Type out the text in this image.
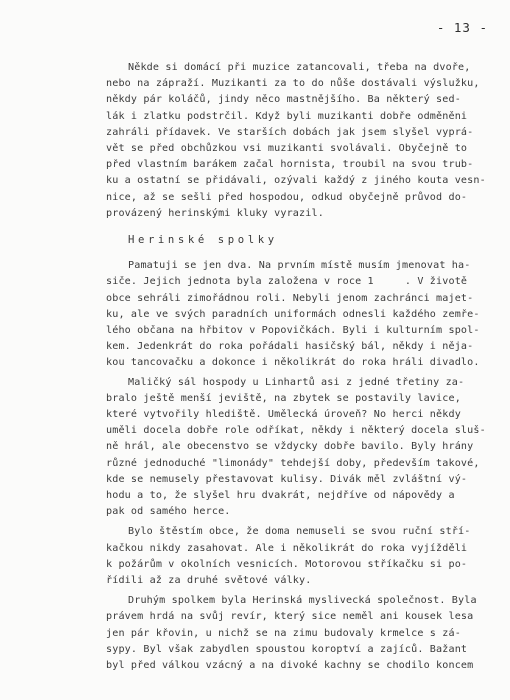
- 13 -
Někde si domácí při muzice zatancovali, třeba na dvoře,
nebo na zápraží. Muzikanti za to do nůše dostávali výslužku,
někdy pár koláčů, jindy něco mastnějšího. Ba některý sed-
lák i zlatku podstrčil. Když byli muzikanti dobře odměněni
zahráli přídavek. Ve starších dobách jak jsem slyšel vyprá-
vět se před obchůzkou vsi muzikanti svolávali. Obyčejně to
před vlastním barákem začal hornista, troubil na svou trub-
ku a ostatní se přidávali, ozývali každý z jiného kouta vesn-
nice, až se sešli před hospodou, odkud obyčejně průvod do-
provázený herinskými kluky vyrazil.
Herinské spolky
Pamatuji se jen dva. Na prvním místě musím jmenovat ha-
siče. Jejich jednota byla založena v roce 1     . V životě
obce sehráli zimořádnou roli. Nebyli jenom zachránci majet-
ku, ale ve svých paradních uniformách odnesli každého zemře-
lého občana na hřbitov v Popovičkách. Byli i kulturním spol-
kem. Jedenkrát do roka pořádali hasičský bál, někdy i něja-
kou tancovačku a dokonce i několikrát do roka hráli divadlo.
Maličký sál hospody u Linhartů asi z jedné třetiny za-
bralo ještě menší jeviště, na zbytek se postavily lavice,
které vytvořily hlediště. Umělecká úroveň? No herci někdy
uměli docela dobře role odříkat, někdy i některý docela sluš-
ně hrál, ale obecenstvo se vždycky dobře bavilo. Byly hrány
různé jednoduché "limonády" tehdejší doby, především takové,
kde se nemusely přestavovat kulisy. Divák měl zvláštní vý-
hodu a to, že slyšel hru dvakrát, nejdříve od nápovědy a
pak od samého herce.
Bylo štěstím obce, že doma nemuseli se svou ruční stří-
kačkou nikdy zasahovat. Ale i několikrát do roka vyjížděli
k požárům v okolních vesnicích. Motorovou stříkačku si po-
řídili až za druhé světové války.
Druhým spolkem byla Herinská myslivecká společnost. Byla
právem hrdá na svůj revír, který sice neměl ani kousek lesa
jen pár křovin, u nichž se na zimu budovaly krmelce s zá-
sypy. Byl však zabydlen spoustou koroptví a zajíců. Bažant
byl před válkou vzácný a na divoké kachny se chodilo koncem
